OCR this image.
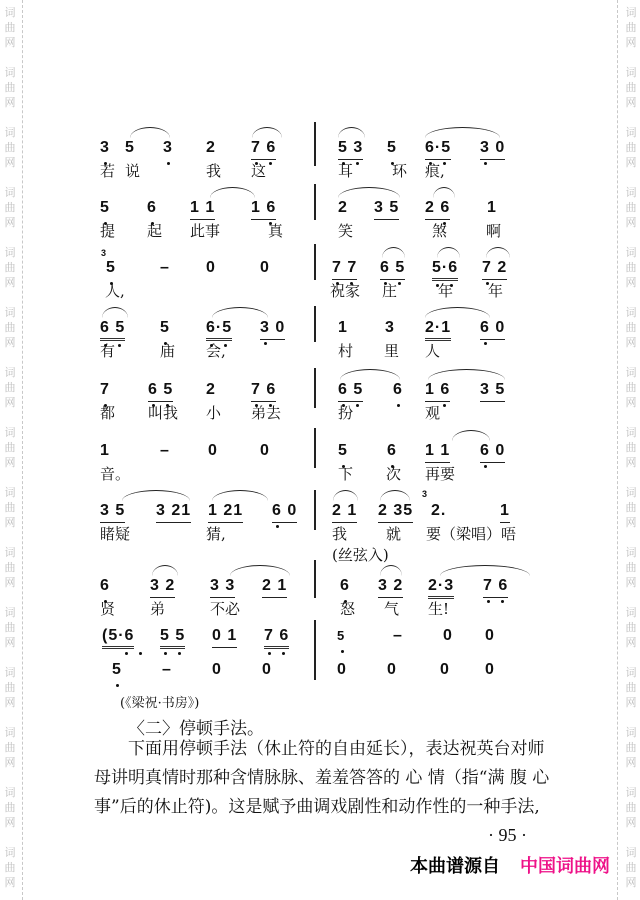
词
曲
网
词
曲
网
词
曲
网
词
曲
网
词
曲
网
词
曲
网
词
曲
网
词
曲
网
词
曲
网
词
曲
网
词
曲
网
词
曲
网
词
曲
网
词
曲
网
词
曲
网
词
曲
网
词
曲
网
词
曲
网
词
曲
网
词
曲
网
词
曲
网
词
曲
网
词
曲
网
词
曲
网
词
曲
网
词
曲
网
词
曲
网
词
曲
网
词
曲
网
词
曲
网
3 5 3 2 7 6	5 3 5 6·5 3 0
若 说	我 这	耳	环 痕,
5 6 1 1 1 6	2 3 5 2 6 1
提 起 此事	真	笑	煞	啊
5	– 0	0	7 7 6 5 5·6 7 2
3
人,	祝家 庄	年 年
6 5 5 6·5 3 0	1 3 2·1 6 0
有	庙 会,	村 里 人
7 6 5 2 7 6	6 5 6 1 6 3 5
都 叫我 小 弟去	扮	观
1	– 0	0	5 6 1 1 6 0
音。	下 次 再要
3 5 3 21 1 21 6 0 2 1 2 35 2.	1
3
睹疑	猜,	我	就 要（梁唱）唔
(丝弦入)
6	3 2 3 3 2 1	6 3 2 2·3 7 6
贤 弟	不必	怒 气 生!
(5·6 5 5 0 1 7 6	5	–	0 0
5	–	0	0	0	0	0 0
(《梁祝·书房》)
〈二〉停顿手法。
下面用停顿手法（休止符的自由延长），表达祝英台对师
母讲明真情时那种含情脉脉、羞羞答答的 心 情（指“满 腹 心
事”后的休止符)。这是赋予曲调戏剧性和动作性的一种手法,
· 95 ·
本曲谱源自 中国词曲网
